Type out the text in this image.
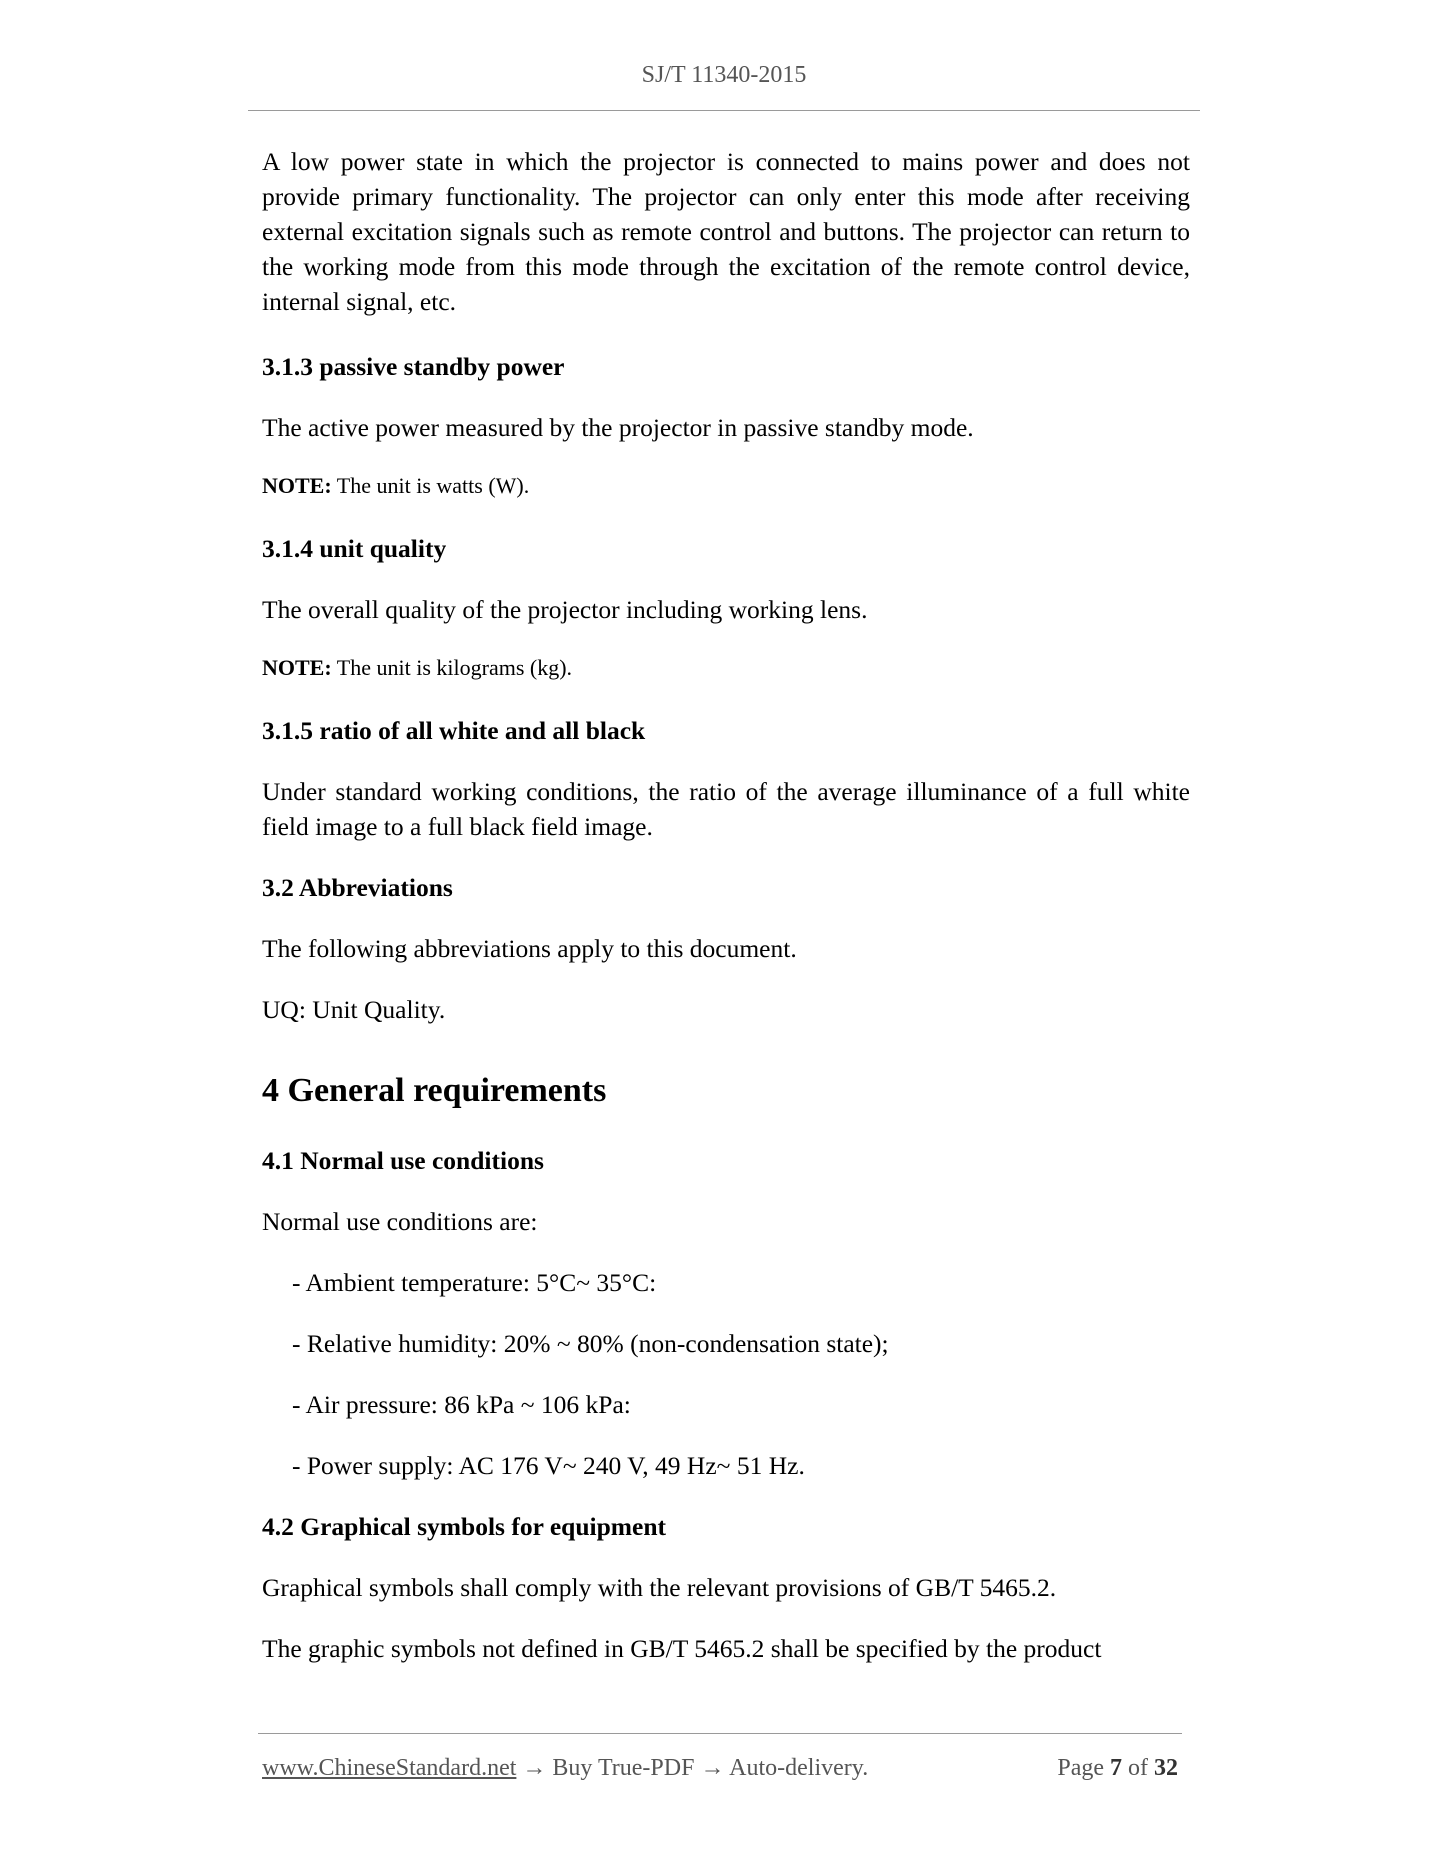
SJ/T 11340-2015

A low power state in which the projector is connected to mains power and does not provide primary functionality. The projector can only enter this mode after receiving external excitation signals such as remote control and buttons. The projector can return to the working mode from this mode through the excitation of the remote control device, internal signal, etc.

3.1.3 passive standby power

The active power measured by the projector in passive standby mode.

NOTE: The unit is watts (W).
3.1.4 unit quality

The overall quality of the projector including working lens.

NOTE: The unit is kilograms (kg).
3.1.5 ratio of all white and all black

Under standard working conditions, the ratio of the average illuminance of a full white field image to a full black field image.

3.2 Abbreviations

The following abbreviations apply to this document.

UQ: Unit Quality.

4 General requirements
4.1 Normal use conditions

Normal use conditions are:

- Ambient temperature: 5°C~ 35°C:
- Relative humidity: 20% ~ 80% (non-condensation state);
- Air pressure: 86 kPa ~ 106 kPa:
- Power supply: AC 176 V~ 240 V, 49 Hz~ 51 Hz.
4.2 Graphical symbols for equipment

Graphical symbols shall comply with the relevant provisions of GB/T 5465.2.

The graphic symbols not defined in GB/T 5465.2 shall be specified by the product

www.ChineseStandard.net → Buy True-PDF → Auto-delivery.	Page 7 of 32
